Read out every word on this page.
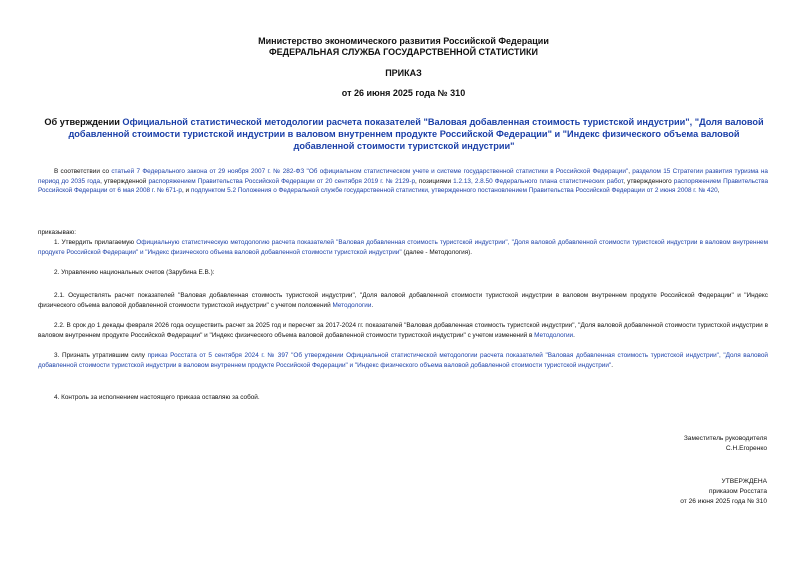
Министерство экономического развития Российской Федерации
ФЕДЕРАЛЬНАЯ СЛУЖБА ГОСУДАРСТВЕННОЙ СТАТИСТИКИ
ПРИКАЗ
от 26 июня 2025 года № 310
Об утверждении Официальной статистической методологии расчета показателей "Валовая добавленная стоимость туристской индустрии", "Доля валовой добавленной стоимости туристской индустрии в валовом внутреннем продукте Российской Федерации" и "Индекс физического объема валовой добавленной стоимости туристской индустрии"
В соответствии со статьей 7 Федерального закона от 29 ноября 2007 г. № 282-ФЗ "Об официальном статистическом учете и системе государственной статистики в Российской Федерации", разделом 15 Стратегии развития туризма на период до 2035 года, утвержденной распоряжением Правительства Российской Федерации от 20 сентября 2019 г. № 2129-р, позициями 1.2.13, 2.8.50 Федерального плана статистических работ, утвержденного распоряжением Правительства Российской Федерации от 6 мая 2008 г. № 671-р, и подпунктом 5.2 Положения о Федеральной службе государственной статистики, утвержденного постановлением Правительства Российской Федерации от 2 июня 2008 г. № 420,
приказываю:
1. Утвердить прилагаемую Официальную статистическую методологию расчета показателей "Валовая добавленная стоимость туристской индустрии", "Доля валовой добавленной стоимости туристской индустрии в валовом внутреннем продукте Российской Федерации" и "Индекс физического объема валовой добавленной стоимости туристской индустрии" (далее - Методология).
2. Управлению национальных счетов (Зарубина Е.В.):
2.1. Осуществлять расчет показателей "Валовая добавленная стоимость туристской индустрии", "Доля валовой добавленной стоимости туристской индустрии в валовом внутреннем продукте Российской Федерации" и "Индекс физического объема валовой добавленной стоимости туристской индустрии" с учетом положений Методологии.
2.2. В срок до 1 декады февраля 2026 года осуществить расчет за 2025 год и пересчет за 2017-2024 гг. показателей "Валовая добавленная стоимость туристской индустрии", "Доля валовой добавленной стоимости туристской индустрии в валовом внутреннем продукте Российской Федерации" и "Индекс физического объема валовой добавленной стоимости туристской индустрии" с учетом изменений в Методологии.
3. Признать утратившим силу приказ Росстата от 5 сентября 2024 г. № 397 "Об утверждении Официальной статистической методологии расчета показателей "Валовая добавленная стоимость туристской индустрии", "Доля валовой добавленной стоимости туристской индустрии в валовом внутреннем продукте Российской Федерации" и "Индекс физического объема валовой добавленной стоимости туристской индустрии".
4. Контроль за исполнением настоящего приказа оставляю за собой.
Заместитель руководителя
С.Н.Егоренко
УТВЕРЖДЕНА
приказом Росстата
от 26 июня 2025 года № 310
